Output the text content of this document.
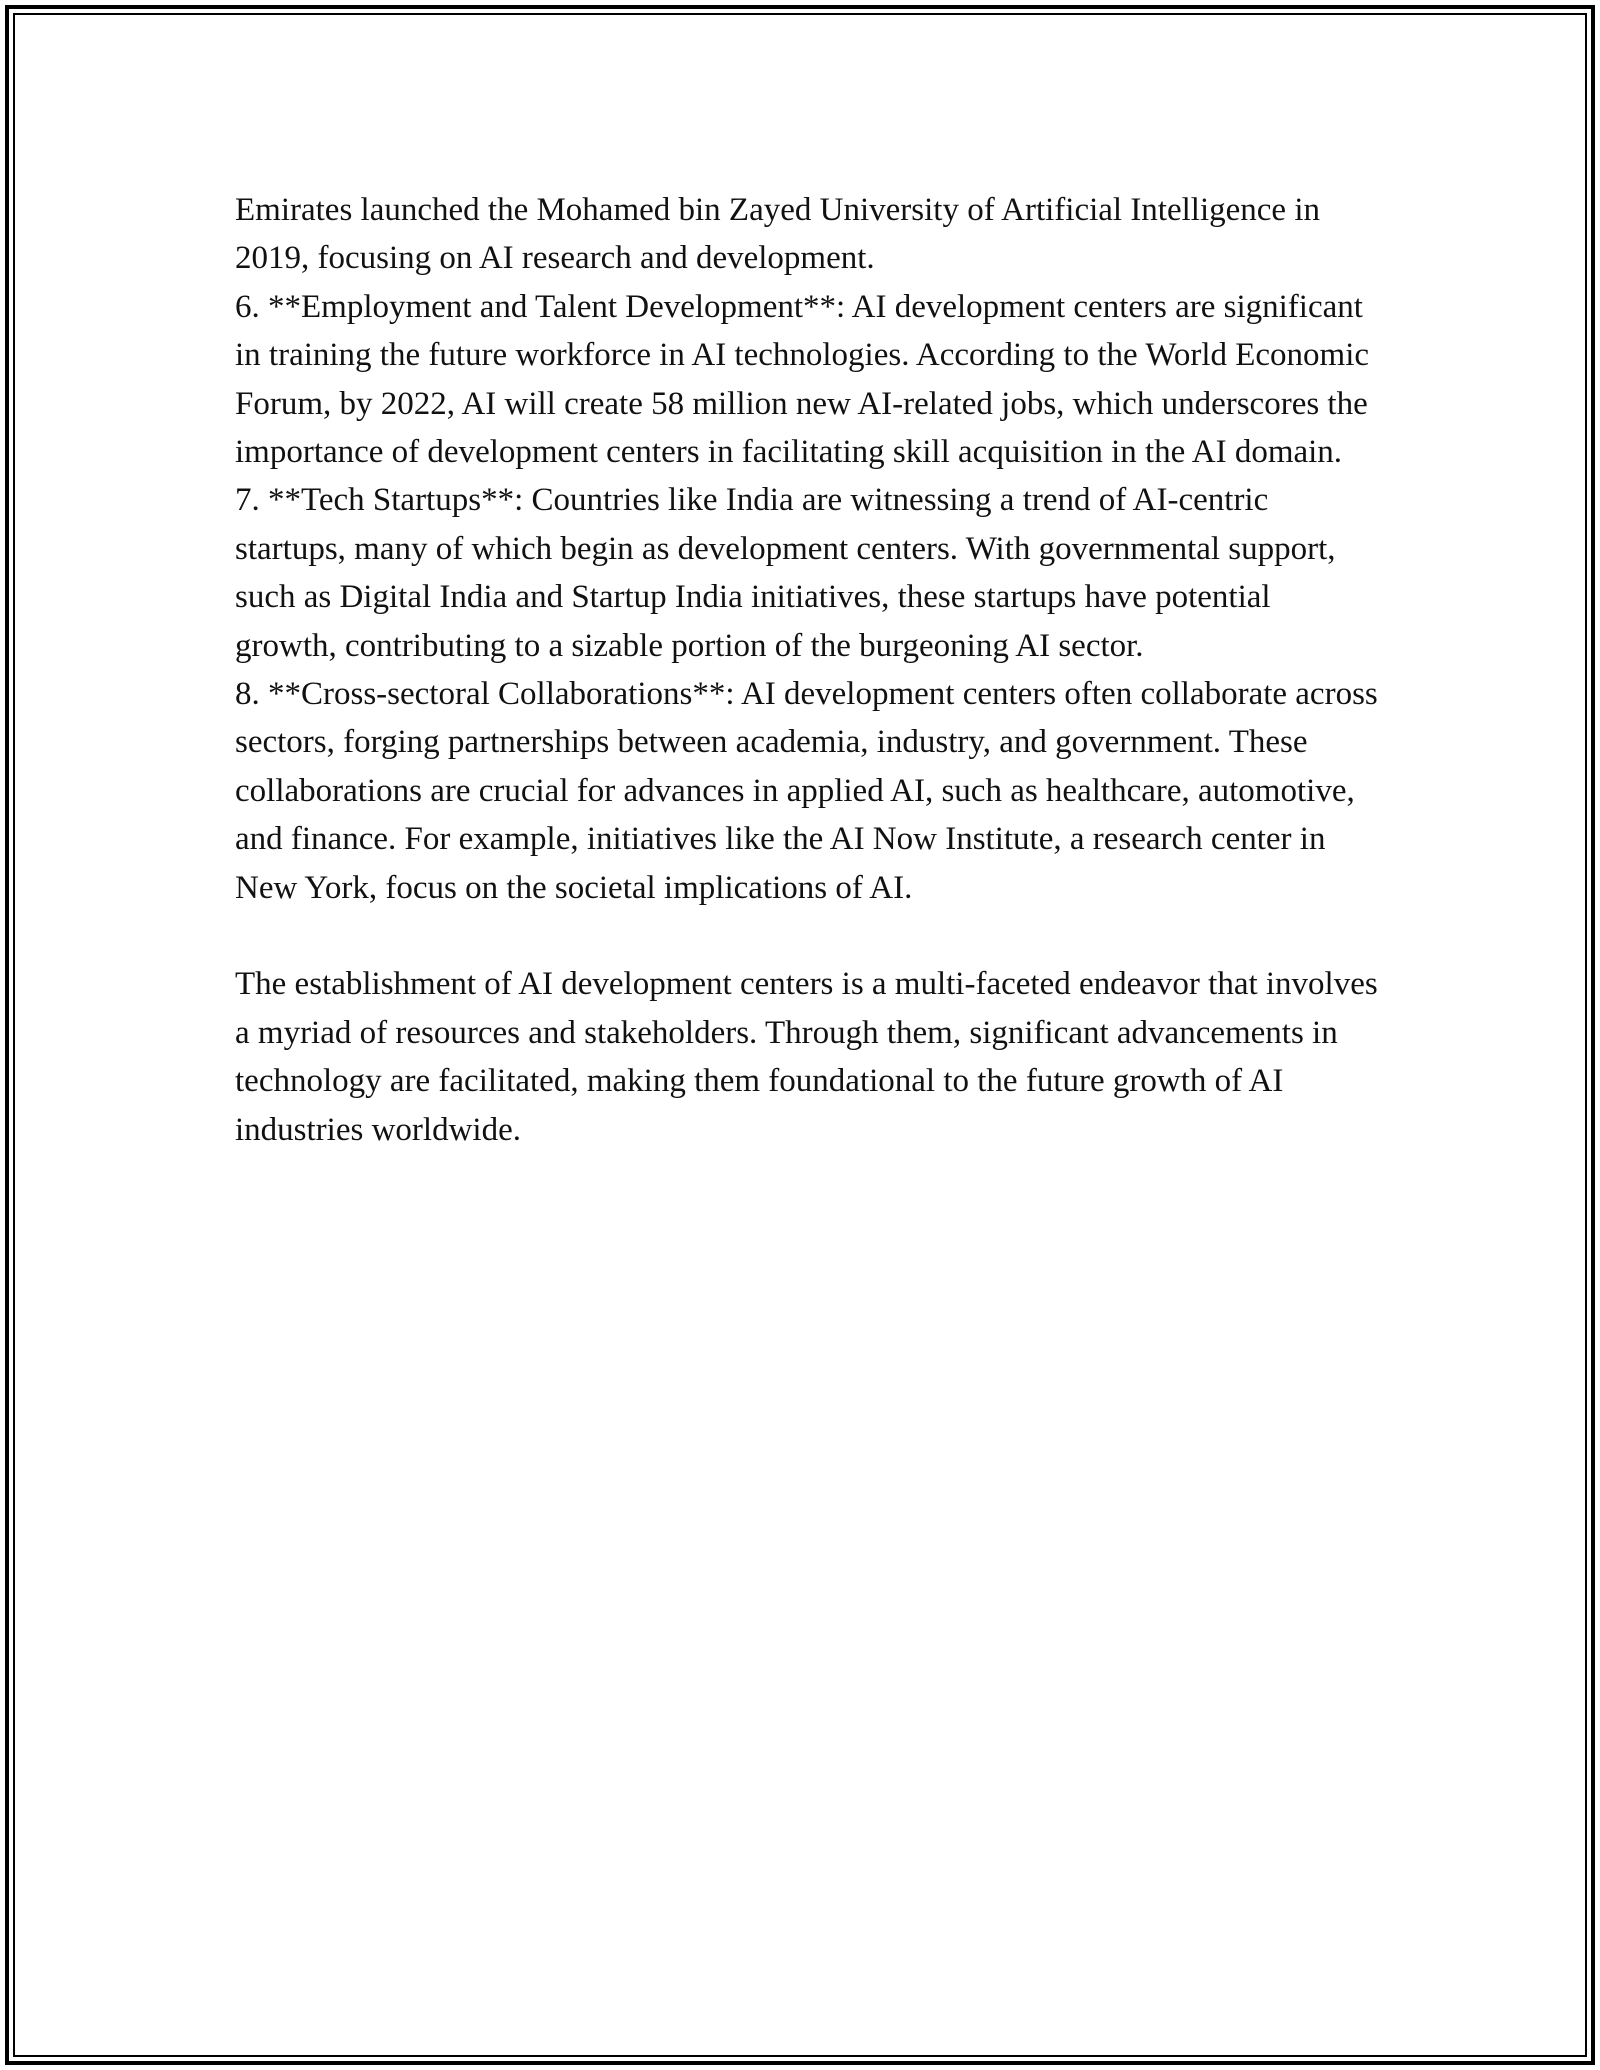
Emirates launched the Mohamed bin Zayed University of Artificial Intelligence in 2019, focusing on AI research and development.

6. **Employment and Talent Development**: AI development centers are significant in training the future workforce in AI technologies. According to the World Economic Forum, by 2022, AI will create 58 million new AI-related jobs, which underscores the importance of development centers in facilitating skill acquisition in the AI domain.

7. **Tech Startups**: Countries like India are witnessing a trend of AI-centric startups, many of which begin as development centers. With governmental support, such as Digital India and Startup India initiatives, these startups have potential growth, contributing to a sizable portion of the burgeoning AI sector.

8. **Cross-sectoral Collaborations**: AI development centers often collaborate across sectors, forging partnerships between academia, industry, and government. These collaborations are crucial for advances in applied AI, such as healthcare, automotive, and finance. For example, initiatives like the AI Now Institute, a research center in New York, focus on the societal implications of AI.

The establishment of AI development centers is a multi-faceted endeavor that involves a myriad of resources and stakeholders. Through them, significant advancements in technology are facilitated, making them foundational to the future growth of AI industries worldwide.
